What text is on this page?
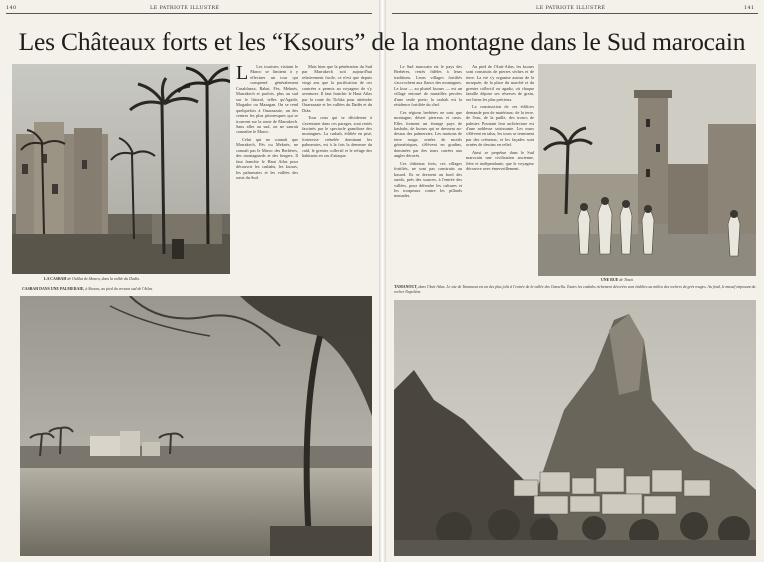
140	LE PATRIOTE ILLUSTRÉ
LA CASBAH de Oulilat de Skoura, dans la vallée du Dadès.
CASBAH DANS UNE PALMERAIE, à Skoura, au pied du versant sud de l'Atlas.
L	Les touristes visitant le Maroc se limitent à y effectuer un tour qui comprend généralement Casablanca, Rabat, Fès, Meknès, Marrakech et parfois, plus au sud sur le littoral, telles qu'Agadir, Mogador ou Mazagan. On se rend quelquefois à Ouarzazate, un des centres les plus pittoresques qui se trouvent sur la route de Marrakech. Sans aller au sud, on ne saurait connaître le Maroc.

Celui qui ne connaît que Marrakech, Fès ou Meknès, ne connaît pas le Maroc des Berbères, des montagnards et des bergers. Il faut franchir le Haut Atlas pour découvrir les casbahs, les ksours, les palmeraies et les vallées des oasis du Sud.

Mais bien que la pénétration du Sud par Marrakech soit aujourd'hui relativement facile, ce n'est que depuis vingt ans que la pacification de ces contrées a permis au voyageur de s'y aventurer. Il faut franchir le Haut Atlas par la route du Tichka pour atteindre Ouarzazate et les vallées du Dadès et du Drâa.

Tous ceux qui se déciderent à s'aventurer dans ces parages, sont restés fascinés par le spectacle grandiose des montagnes. La casbah, édifiée en pisé, forteresse crénelée dominant les palmeraies, est à la fois la demeure du caïd, le grenier collectif et le refuge des habitants en cas d'attaque.

LE PATRIOTE ILLUSTRÉ	141

Le Sud marocain est le pays des Berbères, restés fidèles à leurs traditions. Leurs villages fortifiés s'accrochent aux flancs des montagnes. Le ksar — au pluriel ksours — est un village entouré de murailles percées d'une seule porte; la casbah est la résidence fortifiée du chef.

Ces régions berbères ne sont que montagne, désert pierreux et oasis. Elles forment un étrange pays de kasbahs, de ksours qui se dressent au-dessus des palmeraies. Les maisons de terre rouge, ornées de motifs géométriques, s'élèvent en gradins, dominées par des tours carrées aux angles décorés.

Ces châteaux forts, ces villages fortifiés, ne sont pas construits au hasard. Ils se dressent au bord des oueds, près des sources, à l'entrée des vallées, pour défendre les cultures et les troupeaux contre les pillards nomades.

Au pied de l'Anti-Atlas, les ksours sont construits de pierres sèches et de terre. La vie s'y organise autour de la mosquée, de la place du marché et du grenier collectif ou agadir, où chaque famille dépose ses réserves de grain, ses biens les plus précieux.

La construction de ces édifices demande peu de matériaux: de la terre, de l'eau, de la paille, des troncs de palmier. Pourtant leur architecture est d'une noblesse saisissante. Les murs s'élèvent en talus, les tours se terminent par des créneaux, et les façades sont ornées de dessins en relief.

Ainsi se perpétue dans le Sud marocain une civilisation ancienne, fière et indépendante, que le voyageur découvre avec émerveillement.

UNE RUE de Tinzit.
TAMANOUT, dans l'Anti-Atlas. Le site de Tamanout est un des plus jolis à l'entrée de la vallée des Ounsella. Toutes les casbahs richement décorées sont établies au milieu des rochers de grès rouges. Au fond, le massif imposant du rocher Napoléon.
Les Châteaux forts et les “Ksours” de la montagne dans le Sud marocain
